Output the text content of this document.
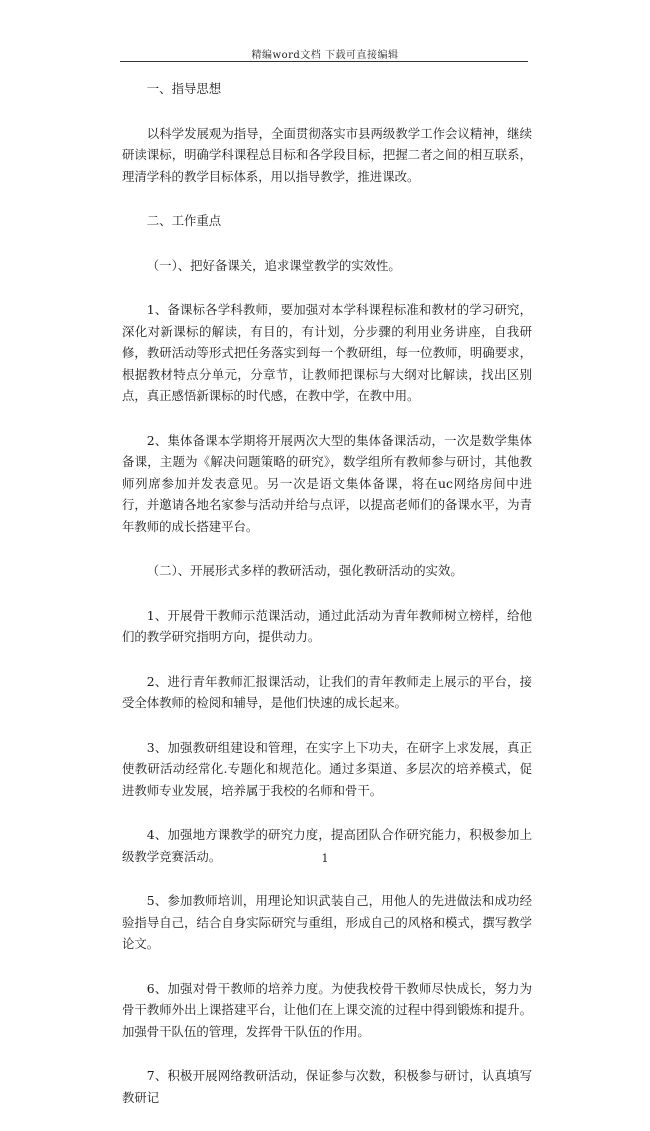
精编word文档 下载可直接编辑

一、指导思想

以科学发展观为指导，全面贯彻落实市县两级教学工作会议精神，继续研读课标，明确学科课程总目标和各学段目标，把握二者之间的相互联系，理清学科的教学目标体系，用以指导教学，推进课改。

二、工作重点

（一）、把好备课关，追求课堂教学的实效性。

1、备课标各学科教师，要加强对本学科课程标准和教材的学习研究，深化对新课标的解读，有目的，有计划，分步骤的利用业务讲座，自我研修，教研活动等形式把任务落实到每一个教研组，每一位教师，明确要求，根据教材特点分单元，分章节，让教师把课标与大纲对比解读，找出区别点，真正感悟新课标的时代感，在教中学，在教中用。

2、集体备课本学期将开展两次大型的集体备课活动，一次是数学集体备课，主题为《解决问题策略的研究》，数学组所有教师参与研讨，其他教师列席参加并发表意见。另一次是语文集体备课，将在uc网络房间中进行，并邀请各地名家参与活动并给与点评，以提高老师们的备课水平，为青年教师的成长搭建平台。

（二）、开展形式多样的教研活动，强化教研活动的实效。

1、开展骨干教师示范课活动，通过此活动为青年教师树立榜样，给他们的教学研究指明方向，提供动力。

2、进行青年教师汇报课活动，让我们的青年教师走上展示的平台，接受全体教师的检阅和辅导，是他们快速的成长起来。

3、加强教研组建设和管理，在实字上下功夫，在研字上求发展，真正使教研活动经常化.专题化和规范化。通过多渠道、多层次的培养模式，促进教师专业发展，培养属于我校的名师和骨干。

4、加强地方课教学的研究力度，提高团队合作研究能力，积极参加上级教学竞赛活动。

5、参加教师培训，用理论知识武装自己，用他人的先进做法和成功经验指导自己，结合自身实际研究与重组，形成自己的风格和模式，撰写教学论文。

6、加强对骨干教师的培养力度。为使我校骨干教师尽快成长，努力为骨干教师外出上课搭建平台，让他们在上课交流的过程中得到锻炼和提升。加强骨干队伍的管理，发挥骨干队伍的作用。

7、积极开展网络教研活动，保证参与次数，积极参与研讨，认真填写教研记

1
